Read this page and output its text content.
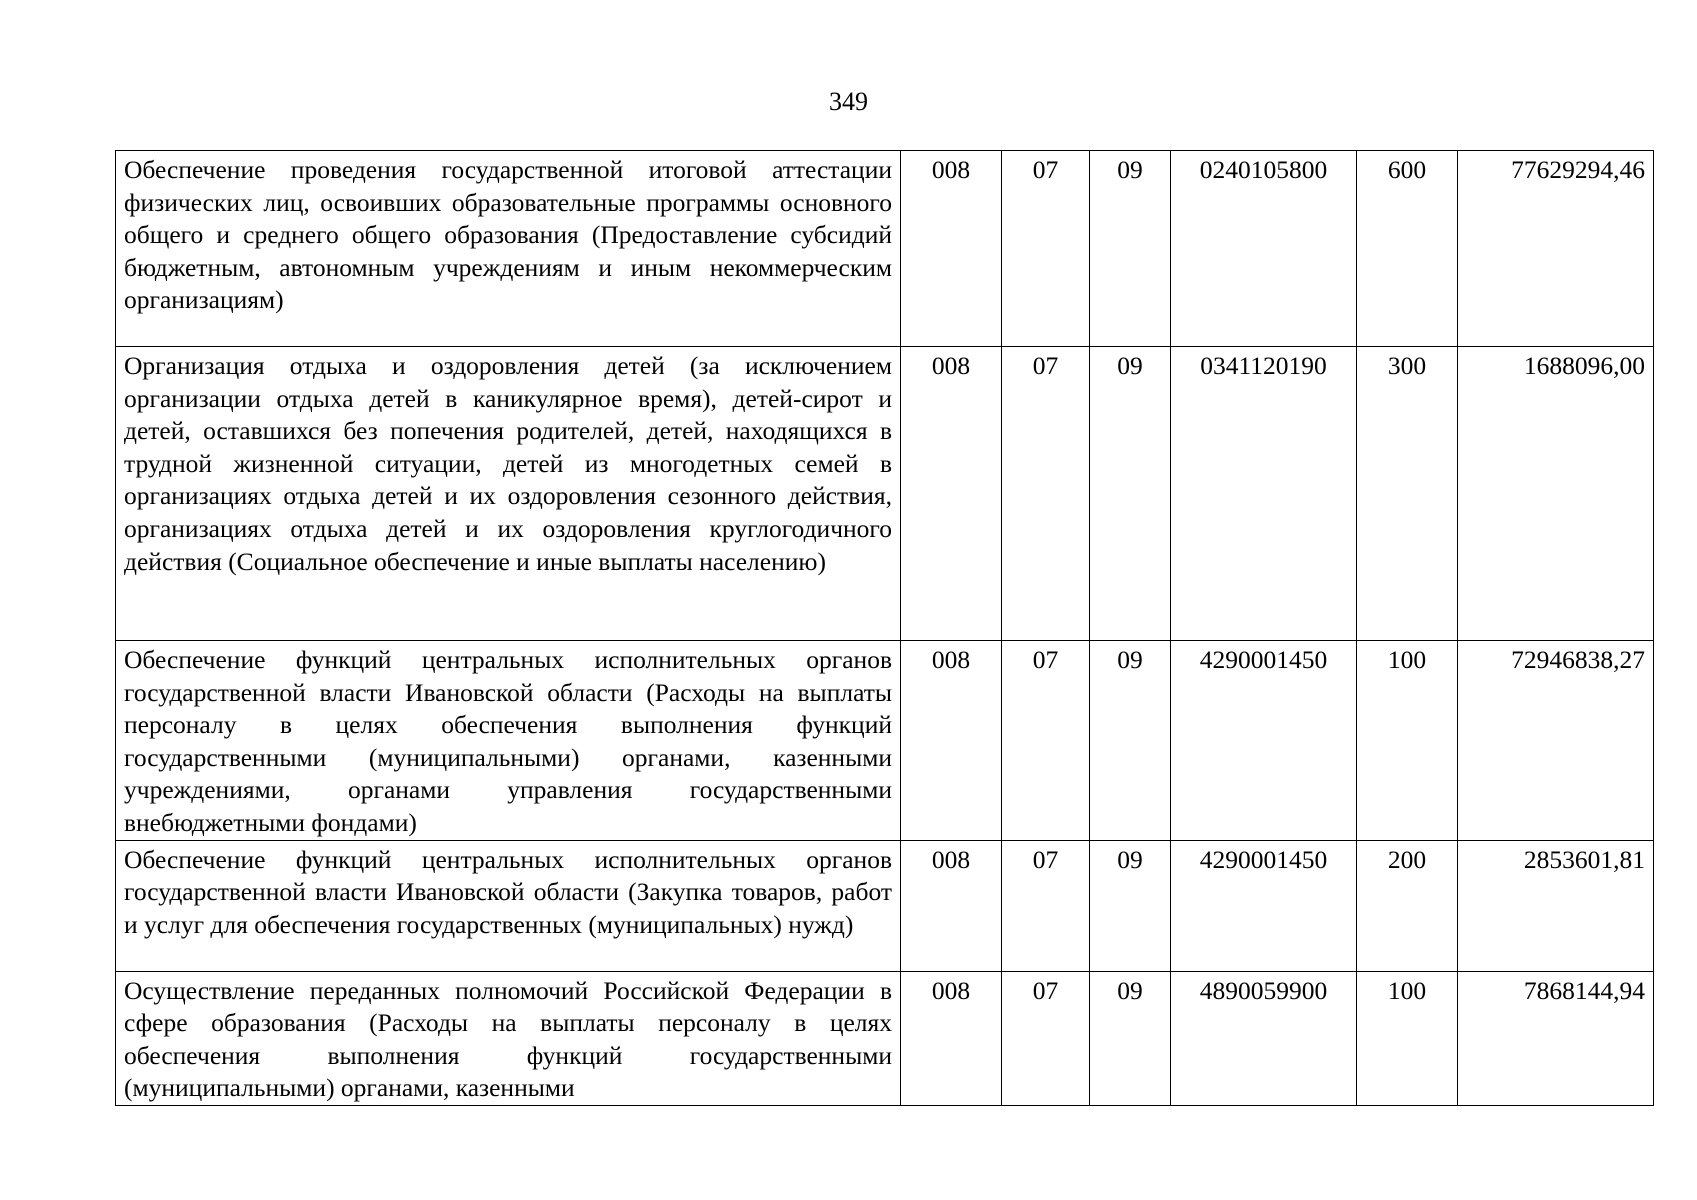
349
Обеспечение проведения государственной итоговой аттестации физических лиц, освоивших образовательные программы основного общего и среднего общего образования (Предоставление субсидий бюджетным, автономным учреждениям и иным некоммерческим организациям)	008	07	09	0240105800	600	77629294,46
Организация отдыха и оздоровления детей (за исключением организации отдыха детей в каникулярное время), детей-сирот и детей, оставшихся без попечения родителей, детей, находящихся в трудной жизненной ситуации, детей из многодетных семей в организациях отдыха детей и их оздоровления сезонного действия, организациях отдыха детей и их оздоровления круглогодичного действия (Социальное обеспечение и иные выплаты населению)	008	07	09	0341120190	300	1688096,00
Обеспечение функций центральных исполнительных органов государственной власти Ивановской области (Расходы на выплаты персоналу в целях обеспечения выполнения функций государственными (муниципальными) органами, казенными учреждениями, органами управления государственными внебюджетными фондами)	008	07	09	4290001450	100	72946838,27
Обеспечение функций центральных исполнительных органов государственной власти Ивановской области (Закупка товаров, работ и услуг для обеспечения государственных (муниципальных) нужд)	008	07	09	4290001450	200	2853601,81
Осуществление переданных полномочий Российской Федерации в сфере образования (Расходы на выплаты персоналу в целях обеспечения выполнения функций государственными (муниципальными) органами, казенными	008	07	09	4890059900	100	7868144,94
